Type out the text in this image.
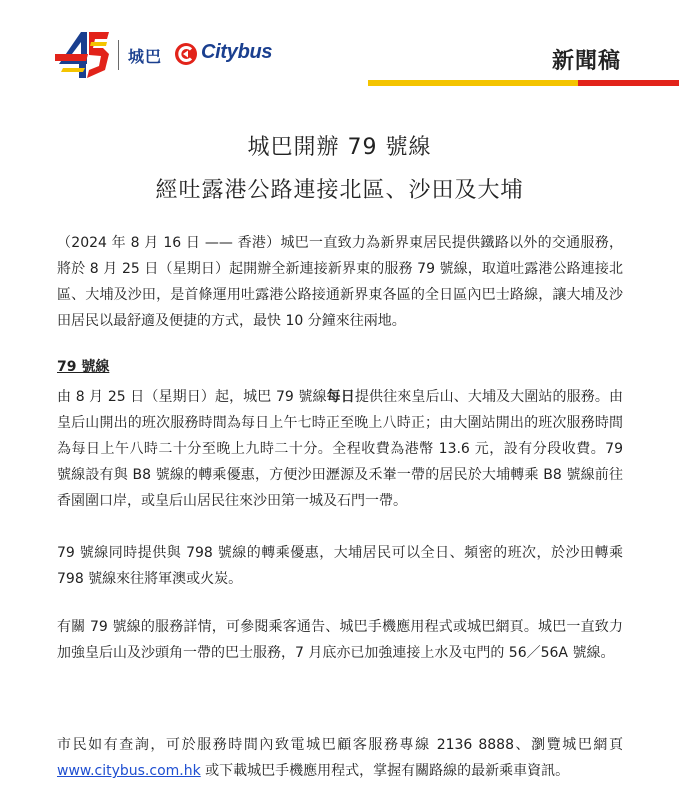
城巴 Citybus	新聞稿
城巴開辦 79 號線
經吐露港公路連接北區、沙田及大埔
（2024 年 8 月 16 日 —— 香港）城巴一直致力為新界東居民提供鐵路以外的交通服務，將於 8 月 25 日（星期日）起開辦全新連接新界東的服務 79 號線，取道吐露港公路連接北區、大埔及沙田，是首條運用吐露港公路接通新界東各區的全日區內巴士路線，讓大埔及沙田居民以最舒適及便捷的方式，最快 10 分鐘來往兩地。
79 號線
由 8 月 25 日（星期日）起，城巴 79 號線每日提供往來皇后山、大埔及大圍站的服務。由皇后山開出的班次服務時間為每日上午七時正至晚上八時正；由大圍站開出的班次服務時間為每日上午八時二十分至晚上九時二十分。全程收費為港幣 13.6 元，設有分段收費。79 號線設有與 B8 號線的轉乘優惠，方便沙田瀝源及禾輋一帶的居民於大埔轉乘 B8 號線前往香園圍口岸，或皇后山居民往來沙田第一城及石門一帶。
79 號線同時提供與 798 號線的轉乘優惠，大埔居民可以全日、頻密的班次，於沙田轉乘 798 號線來往將軍澳或火炭。
有關 79 號線的服務詳情，可參閱乘客通告、城巴手機應用程式或城巴網頁。城巴一直致力加強皇后山及沙頭角一帶的巴士服務，7 月底亦已加強連接上水及屯門的 56／56A 號線。
市民如有查詢，可於服務時間內致電城巴顧客服務專線 2136 8888、瀏覽城巴網頁 www.citybus.com.hk 或下載城巴手機應用程式，掌握有關路線的最新乘車資訊。
